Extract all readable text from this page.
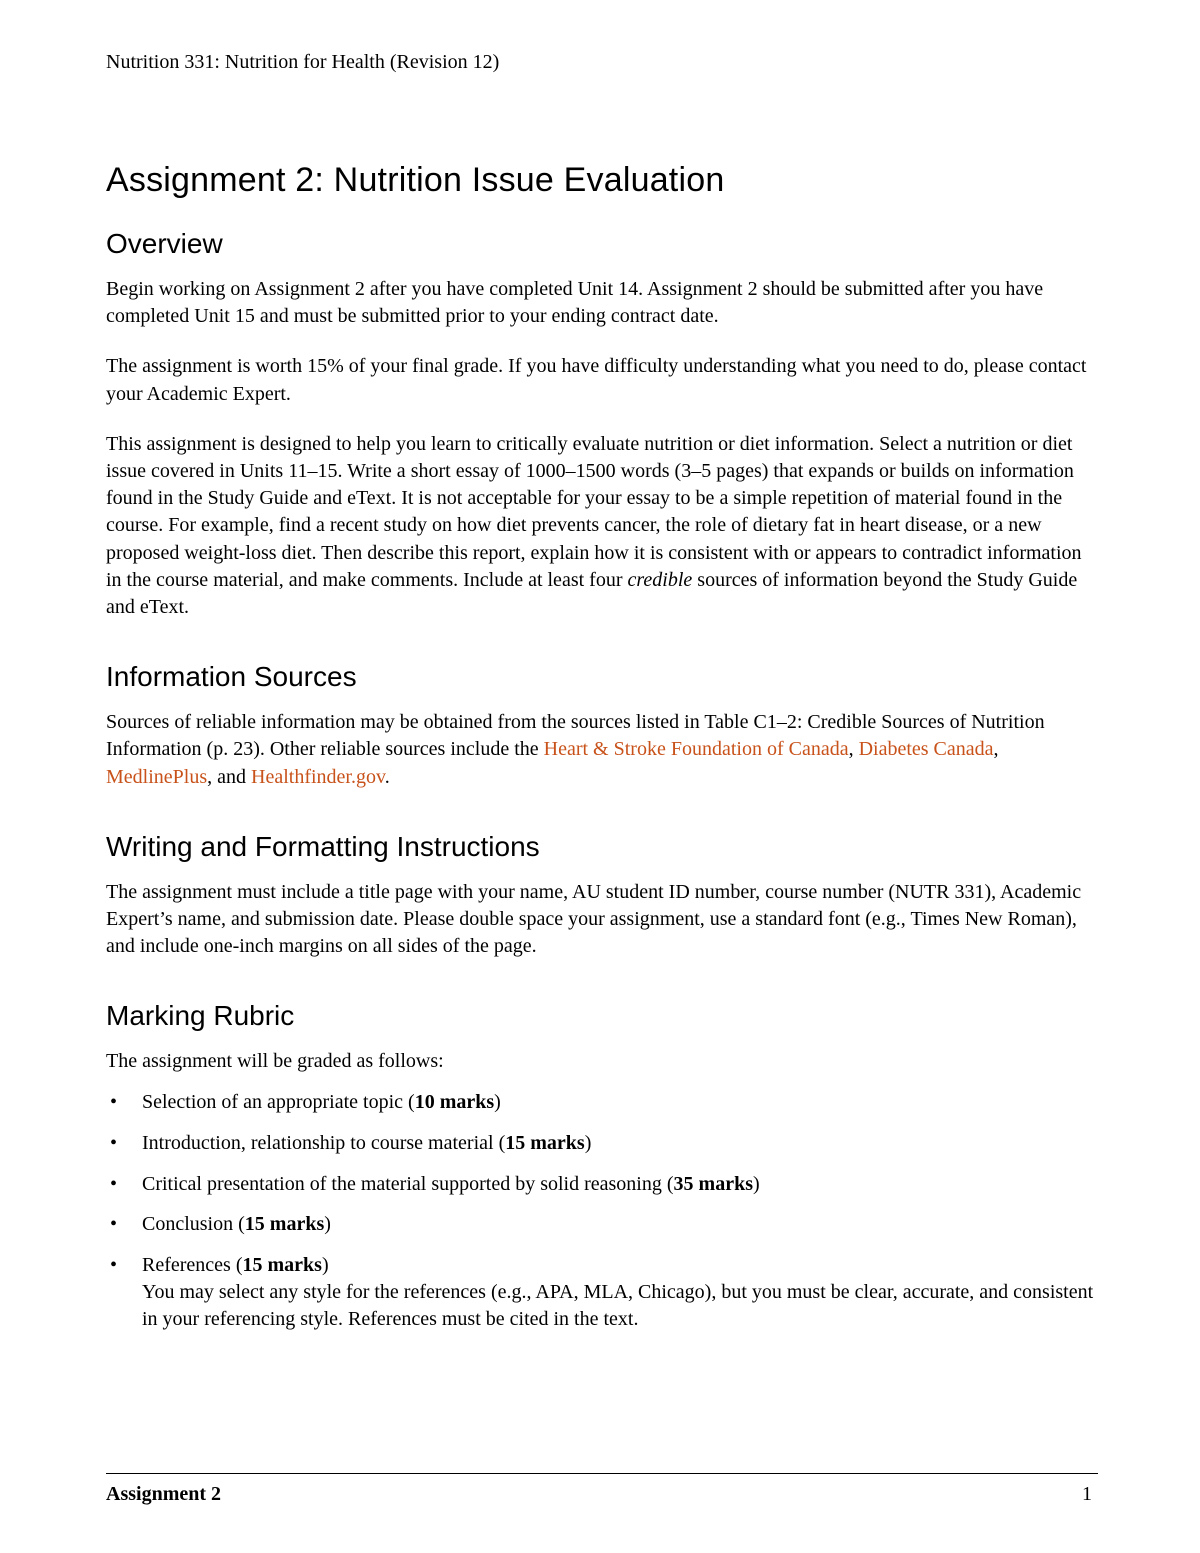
Nutrition 331: Nutrition for Health (Revision 12)
Assignment 2: Nutrition Issue Evaluation
Overview

Begin working on Assignment 2 after you have completed Unit 14. Assignment 2 should be submitted after you have completed Unit 15 and must be submitted prior to your ending contract date.

The assignment is worth 15% of your final grade. If you have difficulty understanding what you need to do, please contact your Academic Expert.

This assignment is designed to help you learn to critically evaluate nutrition or diet information. Select a nutrition or diet issue covered in Units 11–15. Write a short essay of 1000–1500 words (3–5 pages) that expands or builds on information found in the Study Guide and eText. It is not acceptable for your essay to be a simple repetition of material found in the course. For example, find a recent study on how diet prevents cancer, the role of dietary fat in heart disease, or a new proposed weight-loss diet. Then describe this report, explain how it is consistent with or appears to contradict information in the course material, and make comments. Include at least four credible sources of information beyond the Study Guide and eText.

Information Sources

Sources of reliable information may be obtained from the sources listed in Table C1–2: Credible Sources of Nutrition Information (p. 23). Other reliable sources include the Heart & Stroke Foundation of Canada, Diabetes Canada, MedlinePlus, and Healthfinder.gov.

Writing and Formatting Instructions

The assignment must include a title page with your name, AU student ID number, course number (NUTR 331), Academic Expert’s name, and submission date. Please double space your assignment, use a standard font (e.g., Times New Roman), and include one-inch margins on all sides of the page.

Marking Rubric

The assignment will be graded as follows:

• Selection of an appropriate topic (10 marks)
• Introduction, relationship to course material (15 marks)
• Critical presentation of the material supported by solid reasoning (35 marks)
• Conclusion (15 marks)
• References (15 marks)
You may select any style for the references (e.g., APA, MLA, Chicago), but you must be clear, accurate, and consistent in your referencing style. References must be cited in the text.
Assignment 2	1
